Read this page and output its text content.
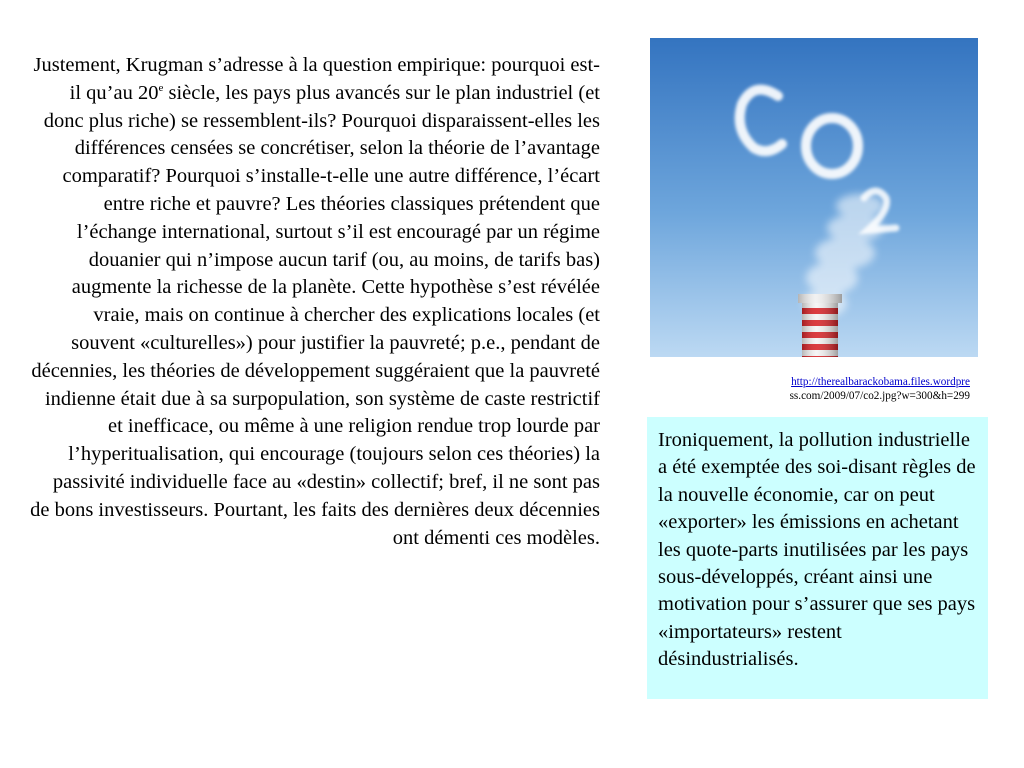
Justement, Krugman s’adresse à la question empirique: pourquoi est-il qu’au 20e siècle, les pays plus avancés sur le plan industriel (et donc plus riche) se ressemblent-ils? Pourquoi disparaissent-elles les différences censées se concrétiser, selon la théorie de l’avantage comparatif? Pourquoi s’installe-t-elle une autre différence, l’écart entre riche et pauvre? Les théories classiques prétendent que l’échange international, surtout s’il est encouragé par un régime douanier qui n’impose aucun tarif (ou, au moins, de tarifs bas) augmente la richesse de la planète. Cette hypothèse s’est révélée vraie, mais on continue à chercher des explications locales (et souvent «culturelles») pour justifier la pauvreté; p.e., pendant de décennies, les théories de développement suggéraient que la pauvreté indienne était due à sa surpopulation, son système de caste restrictif et inefficace, ou même à une religion rendue trop lourde par l’hyperitualisation, qui encourage (toujours selon ces théories) la passivité individuelle face au «destin» collectif; bref, il ne sont pas de bons investisseurs. Pourtant, les faits des dernières deux décennies ont démenti ces modèles.
http://therealbarackobama.files.wordpre
ss.com/2009/07/co2.jpg?w=300&h=299
Ironiquement, la pollution industrielle a été exemptée des soi-disant règles de la nouvelle économie, car on peut «exporter» les émissions en achetant les quote-parts inutilisées par les pays sous-développés, créant ainsi une motivation pour s’assurer que ses pays «importateurs» restent désindustrialisés.
